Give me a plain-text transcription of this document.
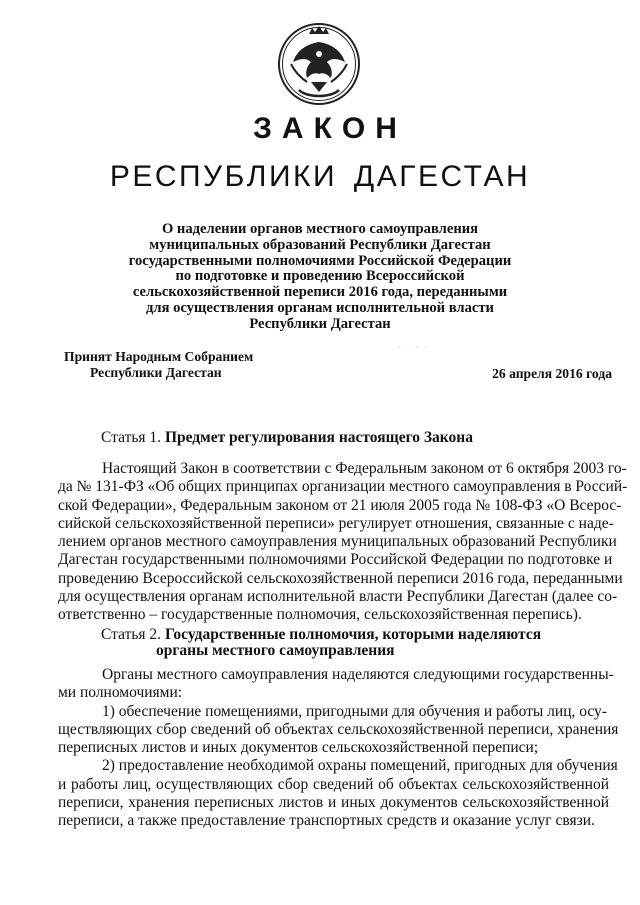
ЗАКОН
РЕСПУБЛИКИ ДАГЕСТАН
О наделении органов местного самоуправления
муниципальных образований Республики Дагестан
государственными полномочиями Российской Федерации
по подготовке и проведению Всероссийской
сельскохозяйственной переписи 2016 года, переданными
для осуществления органам исполнительной власти
Республики Дагестан
· · · ·
Принят Народным Собранием
Республики Дагестан	26 апреля 2016 года
Статья 1. Предмет регулирования настоящего Закона
Настоящий Закон в соответствии с Федеральным законом от 6 октября 2003 го-
да № 131-ФЗ «Об общих принципах организации местного самоуправления в Россий-
ской Федерации», Федеральным законом от 21 июля 2005 года № 108-ФЗ «О Всерос-
сийской сельскохозяйственной переписи» регулирует отношения, связанные с наде-
лением органов местного самоуправления муниципальных образований Республики
Дагестан государственными полномочиями Российской Федерации по подготовке и
проведению Всероссийской сельскохозяйственной переписи 2016 года, переданными
для осуществления органам исполнительной власти Республики Дагестан (далее со-
ответственно – государственные полномочия, сельскохозяйственная перепись).
Статья 2. Государственные полномочия, которыми наделяются
органы местного самоуправления
Органы местного самоуправления наделяются следующими государственны-
ми полномочиями:
1) обеспечение помещениями, пригодными для обучения и работы лиц, осу-
ществляющих сбор сведений об объектах сельскохозяйственной переписи, хранения
переписных листов и иных документов сельскохозяйственной переписи;
2) предоставление необходимой охраны помещений, пригодных для обучения
и работы лиц, осуществляющих сбор сведений об объектах сельскохозяйственной
переписи, хранения переписных листов и иных документов сельскохозяйственной
переписи, а также предоставление транспортных средств и оказание услуг связи.
